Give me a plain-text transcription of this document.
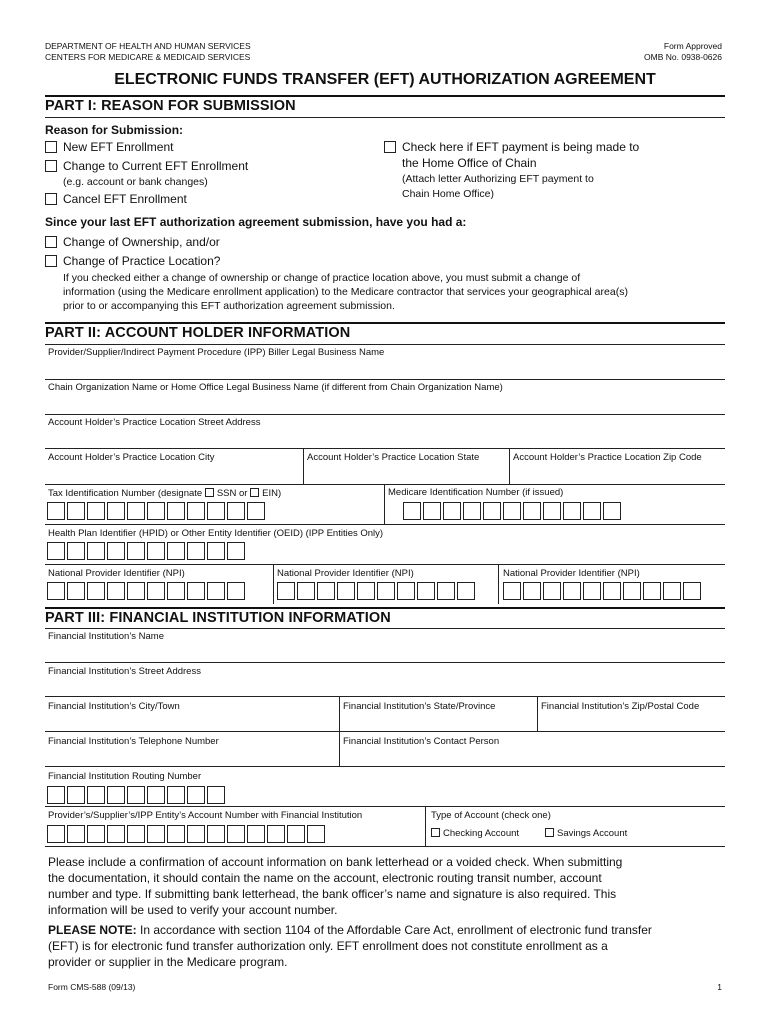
DEPARTMENT OF HEALTH AND HUMAN SERVICES
CENTERS FOR MEDICARE & MEDICAID SERVICES
Form Approved
OMB No. 0938-0626
ELECTRONIC FUNDS TRANSFER (EFT) AUTHORIZATION AGREEMENT
PART I: REASON FOR SUBMISSION
Reason for Submission:
New EFT Enrollment
Change to Current EFT Enrollment
(e.g. account or bank changes)
Cancel EFT Enrollment
Check here if EFT payment is being made to
the Home Office of Chain
(Attach letter Authorizing EFT payment to
Chain Home Office)
Since your last EFT authorization agreement submission, have you had a:
Change of Ownership, and/or
Change of Practice Location?
If you checked either a change of ownership or change of practice location above, you must submit a change of
information (using the Medicare enrollment application) to the Medicare contractor that services your geographical area(s)
prior to or accompanying this EFT authorization agreement submission.
PART II: ACCOUNT HOLDER INFORMATION
Provider/Supplier/Indirect Payment Procedure (IPP) Biller Legal Business Name
Chain Organization Name or Home Office Legal Business Name (if different from Chain Organization Name)
Account Holder’s Practice Location Street Address
Account Holder’s Practice Location City	Account Holder’s Practice Location State	Account Holder’s Practice Location Zip Code
Tax Identification Number (designate SSN or EIN)	Medicare Identification Number (if issued)
Health Plan Identifier (HPID) or Other Entity Identifier (OEID) (IPP Entities Only)
National Provider Identifier (NPI)	National Provider Identifier (NPI)	National Provider Identifier (NPI)
PART III: FINANCIAL INSTITUTION INFORMATION
Financial Institution’s Name
Financial Institution’s Street Address
Financial Institution’s City/Town	Financial Institution’s State/Province	Financial Institution’s Zip/Postal Code
Financial Institution’s Telephone Number	Financial Institution’s Contact Person
Financial Institution Routing Number
Provider’s/Supplier’s/IPP Entity’s Account Number with Financial Institution	Type of Account (check one)
Checking Account	Savings Account
Please include a confirmation of account information on bank letterhead or a voided check. When submitting
the documentation, it should contain the name on the account, electronic routing transit number, account
number and type. If submitting bank letterhead, the bank officer’s name and signature is also required. This
information will be used to verify your account number.
PLEASE NOTE: In accordance with section 1104 of the Affordable Care Act, enrollment of electronic fund transfer
(EFT) is for electronic fund transfer authorization only. EFT enrollment does not constitute enrollment as a
provider or supplier in the Medicare program.
Form CMS-588 (09/13)	1
